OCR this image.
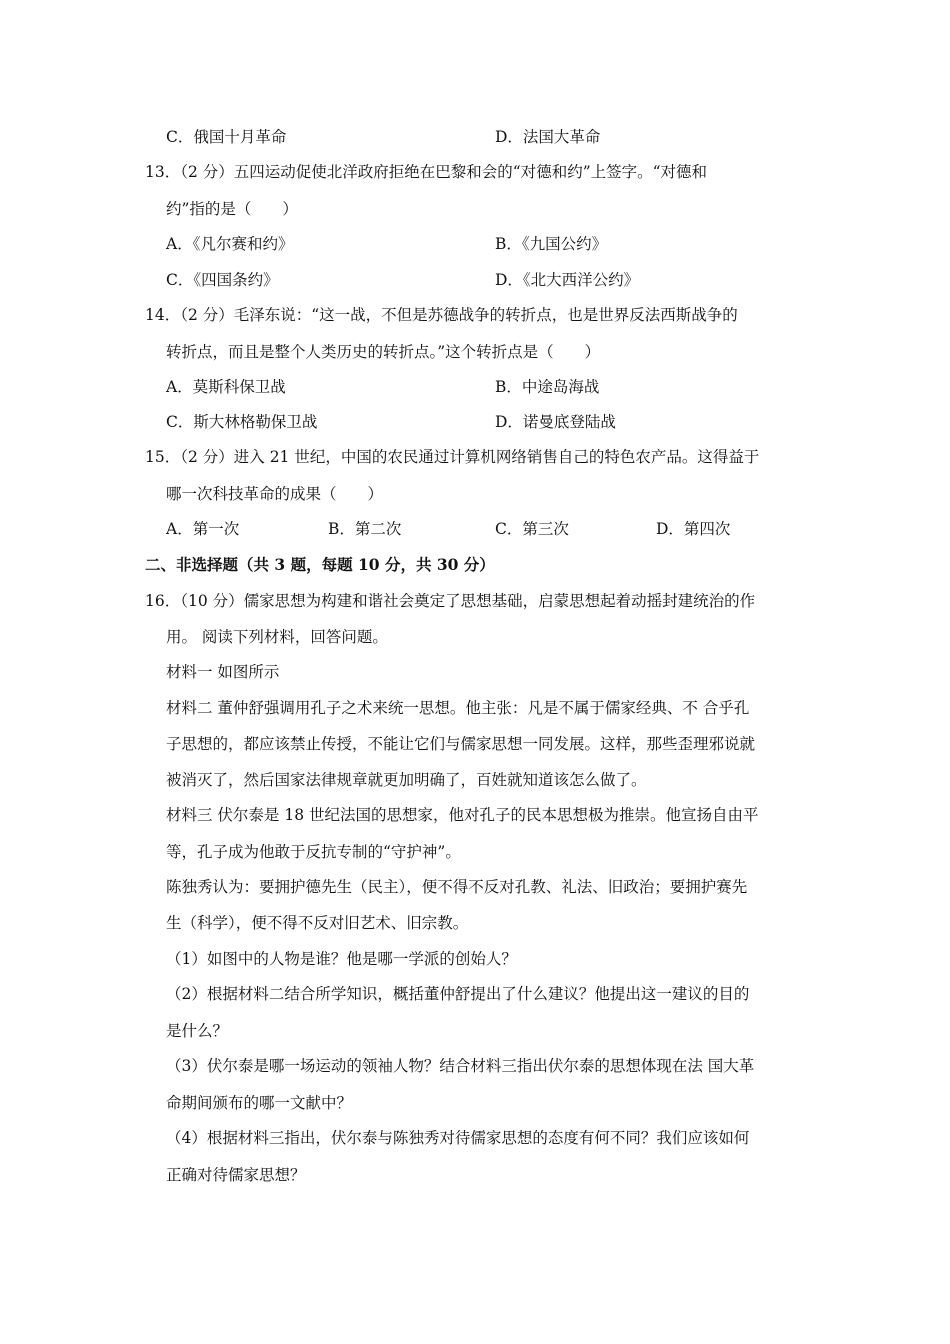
C．俄国十月革命	D．法国大革命
13．（2 分）五四运动促使北洋政府拒绝在巴黎和会的“对德和约”上签字。“对德和
约”指的是（　　）
A．《凡尔赛和约》	B．《九国公约》
C．《四国条约》	D．《北大西洋公约》
14．（2 分）毛泽东说：“这一战，不但是苏德战争的转折点，也是世界反法西斯战争的
转折点，而且是整个人类历史的转折点。”这个转折点是（　　）
A．莫斯科保卫战	B．中途岛海战
C．斯大林格勒保卫战	D．诺曼底登陆战
15．（2 分）进入 21 世纪，中国的农民通过计算机网络销售自己的特色农产品。这得益于
哪一次科技革命的成果（　　）
A．第一次	B．第二次	C．第三次	D．第四次
二、非选择题（共 3 题，每题 10 分，共 30 分）
16．（10 分）儒家思想为构建和谐社会奠定了思想基础，启蒙思想起着动摇封建统治的作
用。 阅读下列材料，回答问题。
材料一 如图所示
材料二 董仲舒强调用孔子之术来统一思想。他主张：凡是不属于儒家经典、不 合乎孔
子思想的，都应该禁止传授，不能让它们与儒家思想一同发展。这样，那些歪理邪说就
被消灭了，然后国家法律规章就更加明确了，百姓就知道该怎么做了。
材料三 伏尔泰是 18 世纪法国的思想家，他对孔子的民本思想极为推崇。他宣扬自由平
等，孔子成为他敢于反抗专制的“守护神”。
陈独秀认为：要拥护德先生（民主），便不得不反对孔教、礼法、旧政治；要拥护赛先
生（科学），便不得不反对旧艺术、旧宗教。
（1）如图中的人物是谁？他是哪一学派的创始人？
（2）根据材料二结合所学知识，概括董仲舒提出了什么建议？他提出这一建议的目的
是什么？
（3）伏尔泰是哪一场运动的领袖人物？结合材料三指出伏尔泰的思想体现在法 国大革
命期间颁布的哪一文献中？
（4）根据材料三指出，伏尔泰与陈独秀对待儒家思想的态度有何不同？我们应该如何
正确对待儒家思想？
